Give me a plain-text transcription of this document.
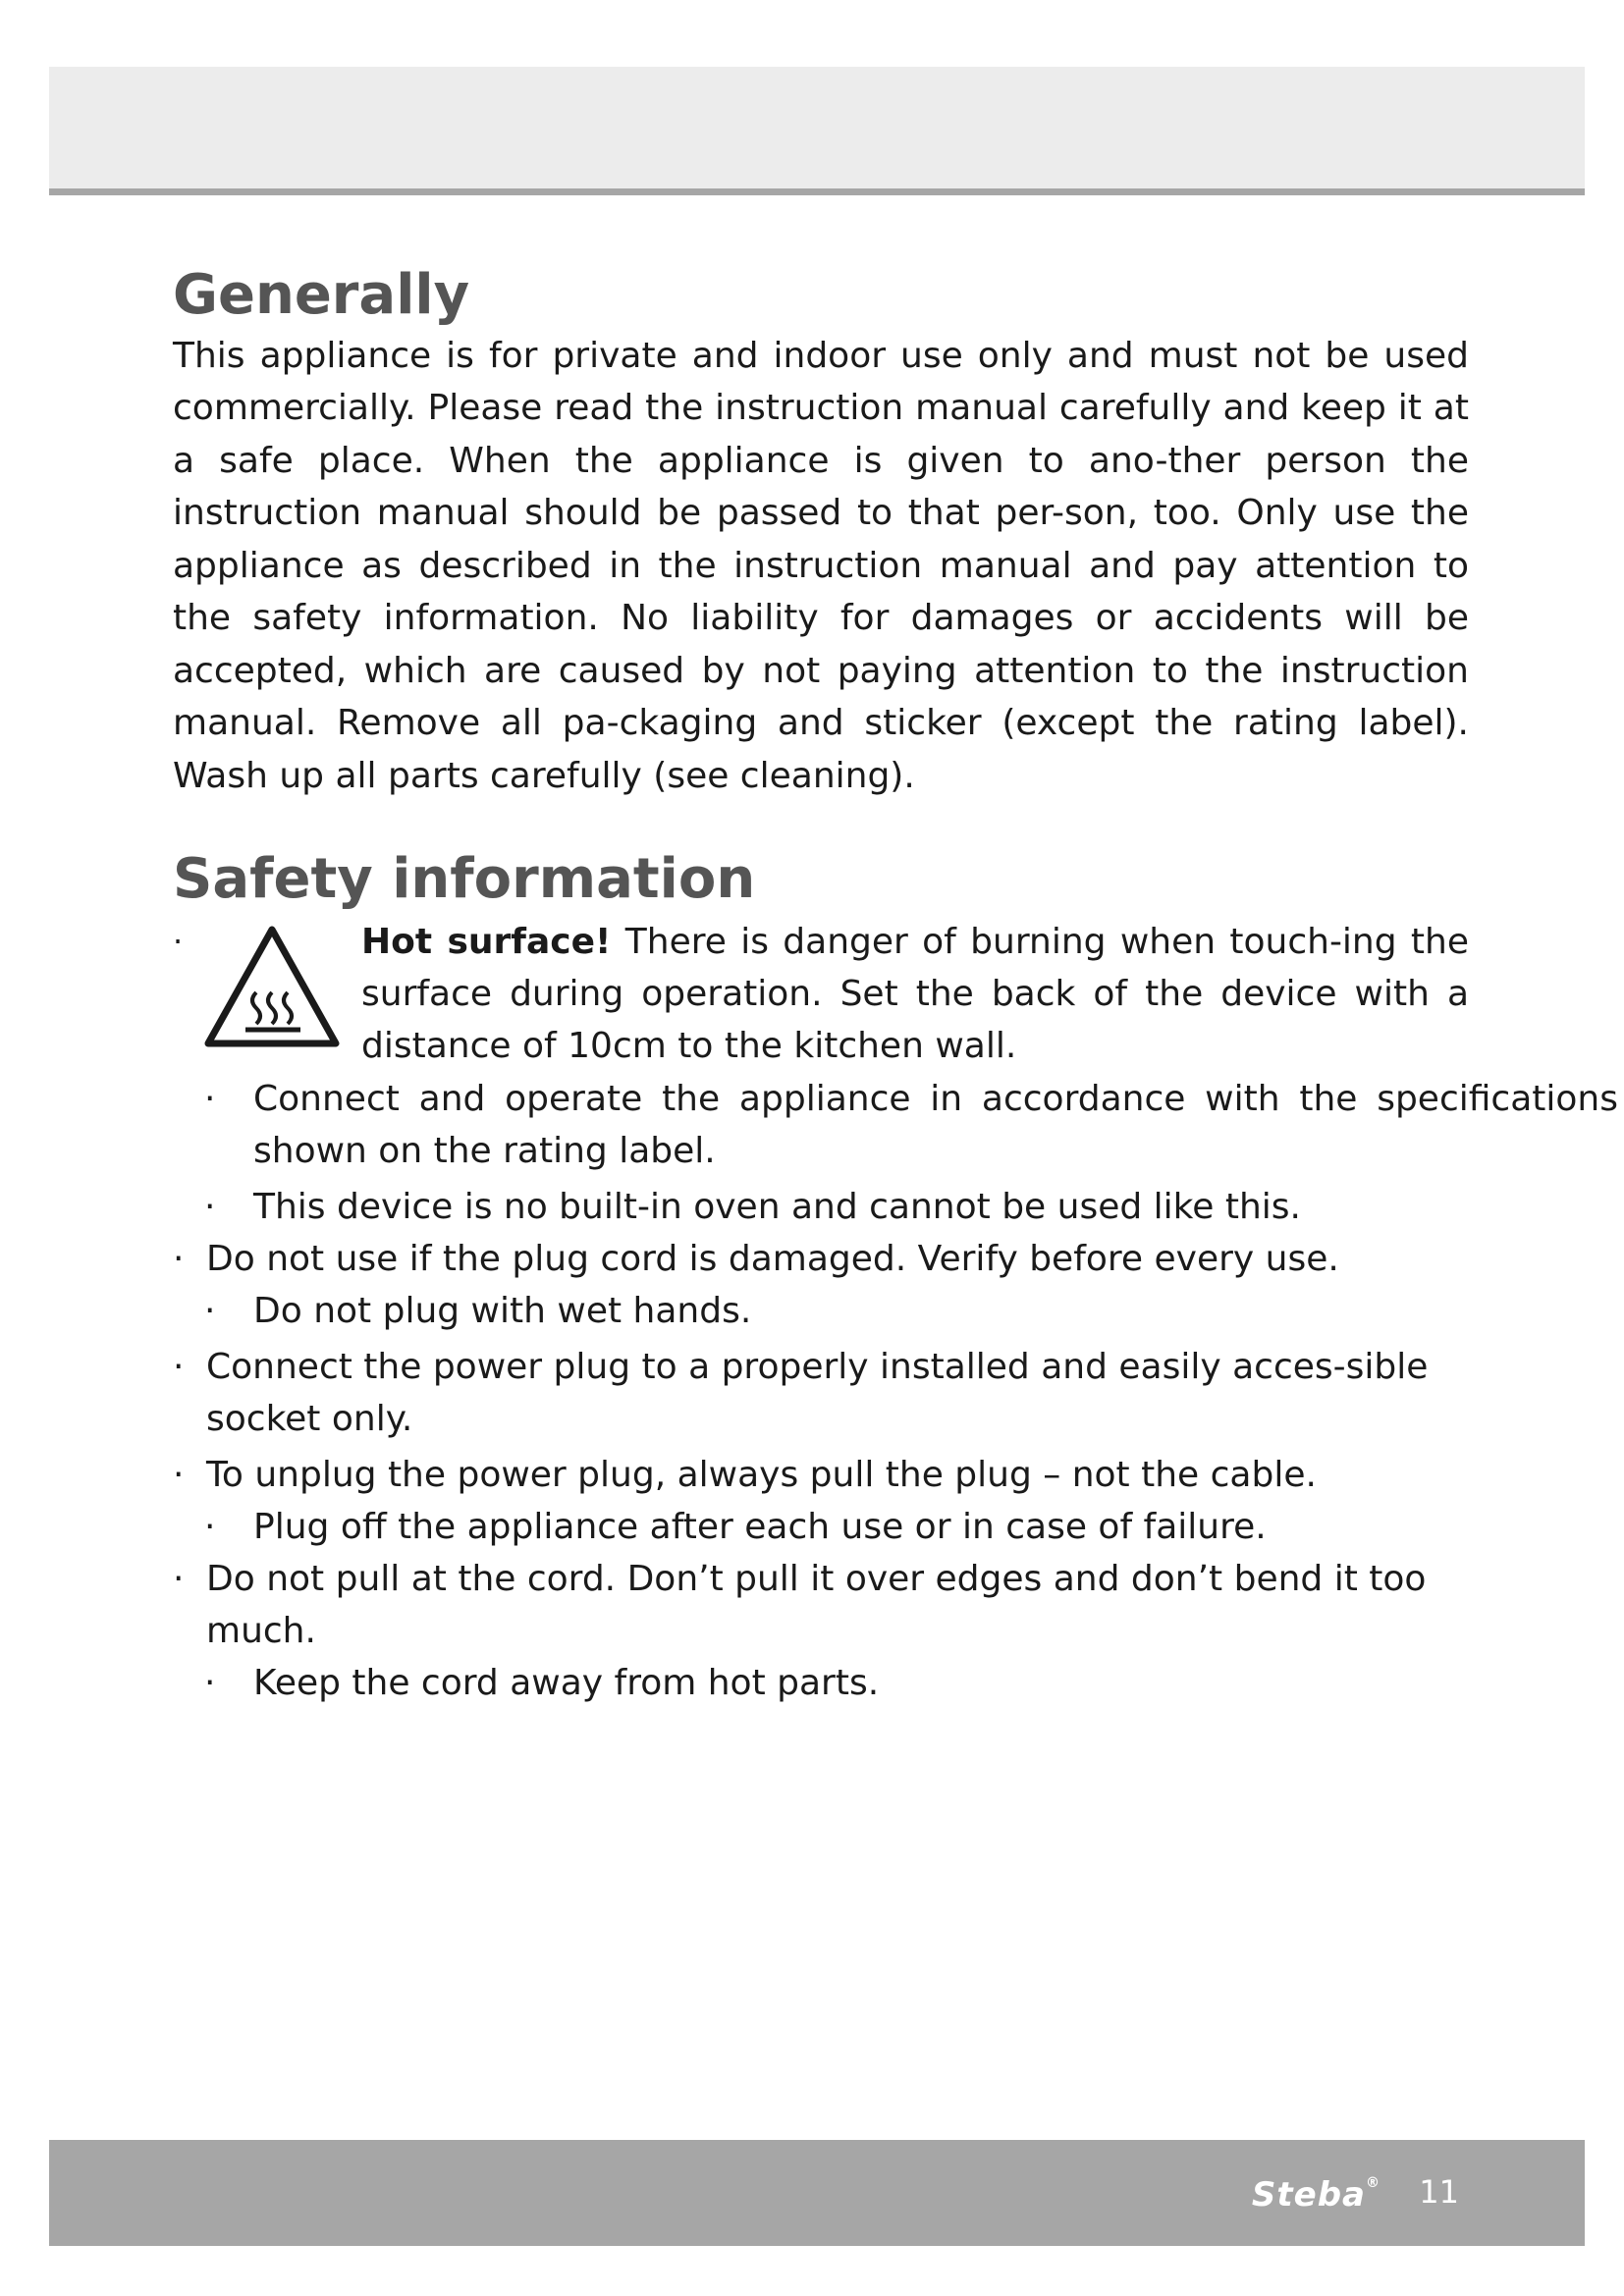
Generally

This appliance is for private and indoor use only and must not be used commercially. Please read the instruction manual carefully and keep it at a safe place. When the appliance is given to ano-ther person the instruction manual should be passed to that per-son, too. Only use the appliance as described in the instruction manual and pay attention to the safety information. No liability for damages or accidents will be accepted, which are caused by not paying attention to the instruction manual. Remove all pa-ckaging and sticker (except the rating label). Wash up all parts carefully (see cleaning).

Safety information
·	Hot surface! There is danger of burning when touch-ing the surface during operation. Set the back of the device with a distance of 10cm to the kitchen wall.
· Connect and operate the appliance in accordance with the specifications shown on the rating label.
· This device is no built-in oven and cannot be used like this.
· Do not use if the plug cord is damaged. Verify before every use.
· Do not plug with wet hands.
· Connect the power plug to a properly installed and easily acces-sible socket only.
· To unplug the power plug, always pull the plug – not the cable.
· Plug off the appliance after each use or in case of failure.
· Do not pull at the cord. Don’t pull it over edges and don’t bend it too much.
· Keep the cord away from hot parts.
Steba® 11
